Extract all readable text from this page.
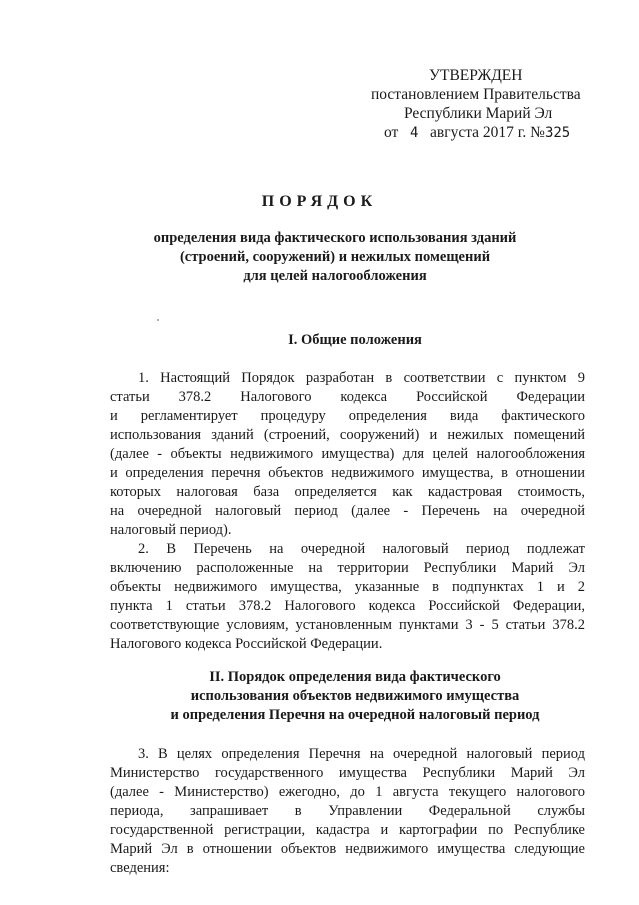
УТВЕРЖДЕН
постановлением Правительства
Республики Марий Эл
от 4 августа 2017 г. №325
ПОРЯДОК
определения вида фактического использования зданий
(строений, сооружений) и нежилых помещений
для целей налогообложения
I. Общие положения
1. Настоящий Порядок разработан в соответствии с пунктом 9
статьи 378.2 Налогового кодекса Российской Федерации
и регламентирует процедуру определения вида фактического
использования зданий (строений, сооружений) и нежилых помещений
(далее - объекты недвижимого имущества) для целей налогообложения
и определения перечня объектов недвижимого имущества, в отношении
которых налоговая база определяется как кадастровая стоимость,
на очередной налоговый период (далее - Перечень на очередной
налоговый период).
2. В Перечень на очередной налоговый период подлежат
включению расположенные на территории Республики Марий Эл
объекты недвижимого имущества, указанные в подпунктах 1 и 2
пункта 1 статьи 378.2 Налогового кодекса Российской Федерации,
соответствующие условиям, установленным пунктами 3 - 5 статьи 378.2
Налогового кодекса Российской Федерации.
II. Порядок определения вида фактического
использования объектов недвижимого имущества
и определения Перечня на очередной налоговый период
3. В целях определения Перечня на очередной налоговый период
Министерство государственного имущества Республики Марий Эл
(далее - Министерство) ежегодно, до 1 августа текущего налогового
периода, запрашивает в Управлении Федеральной службы
государственной регистрации, кадастра и картографии по Республике
Марий Эл в отношении объектов недвижимого имущества следующие
сведения:
